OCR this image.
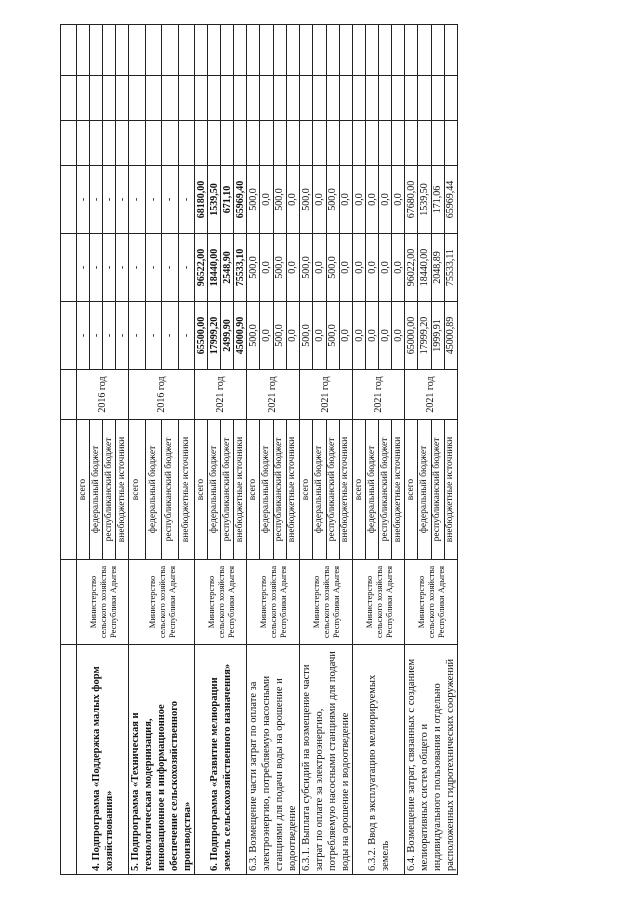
4. Подпрограмма «Поддержка малых форм хозяйствования»	Министерство сельского хозяйства Республики Адыгея	всего	2016 год	-	-	-			
		федеральный бюджет		-	-	-			
		республиканский бюджет		-	-	-			
		внебюджетные источники		-	-	-			
5. Подпрограмма «Техническая и технологическая модернизация, инновационное и информационное обеспечение сельскохозяйственного производства»	Министерство сельского хозяйства Республики Адыгея	всего	2016 год	-	-	-			
		федеральный бюджет		-	-	-			
		республиканский бюджет		-	-	-			
		внебюджетные источники		-	-	-			
6. Подпрограмма «Развитие мелиорации земель сельскохозяйственного назначения»	Министерство сельского хозяйства Республики Адыгея	всего	2021 год	65500,00	96522,00	68180,00			
		федеральный бюджет		17999,20	18440,00	1539,50			
		республиканский бюджет		2499,90	2548,90	671,10			
		внебюджетные источники		45000,90	75533,10	65969,40			
6.3. Возмещение части затрат по оплате за электроэнергию, потребляемую насосными станциями для подачи воды на орошение и водоотведение	Министерство сельского хозяйства Республики Адыгея	всего	2021 год	500,0	500,0	500,0			
		федеральный бюджет		0,0	0,0	0,0			
		республиканский бюджет		500,0	500,0	500,0			
		внебюджетные источники		0,0	0,0	0,0			
6.3.1. Выплата субсидий на возмещение части затрат по оплате за электроэнергию, потребляемую насосными станциями для подачи воды на орошение и водоотведение	Министерство сельского хозяйства Республики Адыгея	всего	2021 год	500,0	500,0	500,0			
		федеральный бюджет		0,0	0,0	0,0			
		республиканский бюджет		500,0	500,0	500,0			
		внебюджетные источники		0,0	0,0	0,0			
6.3.2. Ввод в эксплуатацию мелиорируемых земель	Министерство сельского хозяйства Республики Адыгея	всего	2021 год	0,0	0,0	0,0			
		федеральный бюджет		0,0	0,0	0,0			
		республиканский бюджет		0,0	0,0	0,0			
		внебюджетные источники		0,0	0,0	0,0			
6.4. Возмещение затрат, связанных с созданием мелиоративных систем общего и индивидуального пользования и отдельно расположенных гидротехнических сооружений	Министерство сельского хозяйства Республики Адыгея	всего	2021 год	65000,00	96022,00	67680,00			
		федеральный бюджет		17999,20	18440,00	1539,50			
		республиканский бюджет		1999,91	2048,89	171,06			
		внебюджетные источники		45000,89	75533,11	65969,44			
